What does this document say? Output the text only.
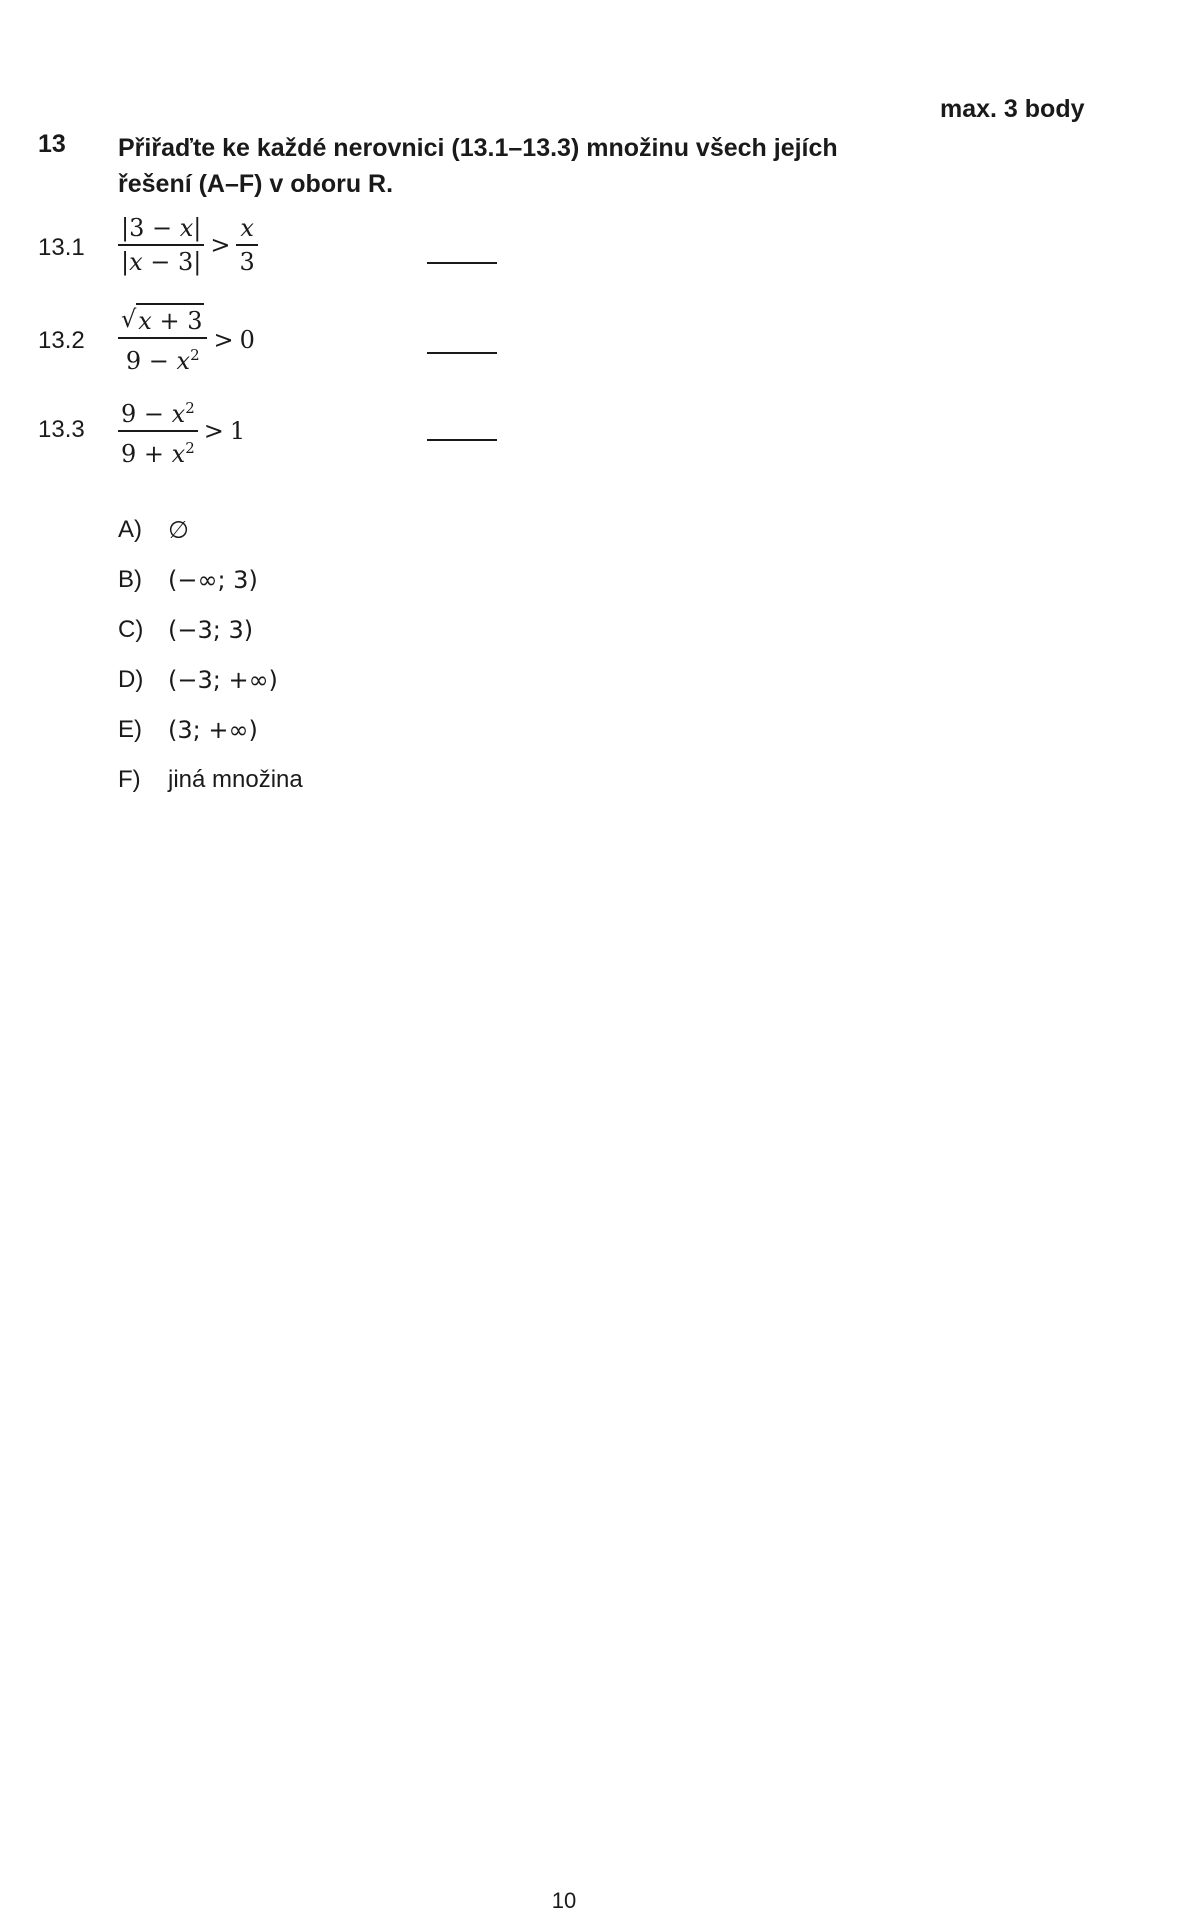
max. 3 body
13 Přiřaďte ke každé nerovnici (13.1–13.3) množinu všech jejích řešení (A–F) v oboru R.
$13.1 \frac{|3 - x|}{|x - 3|} > \frac{x}{3}$
$13.2 \frac{√ x + 3}{9 - x^2} > 0$
$13.3 \frac{9 - x^2}{9 + x^2} > 1$
A)	∅
B)	(−∞; 3)
C)	(−3; 3)
D)	(−3; +∞)
E)	(3; +∞)
F)	jiná množina
10
